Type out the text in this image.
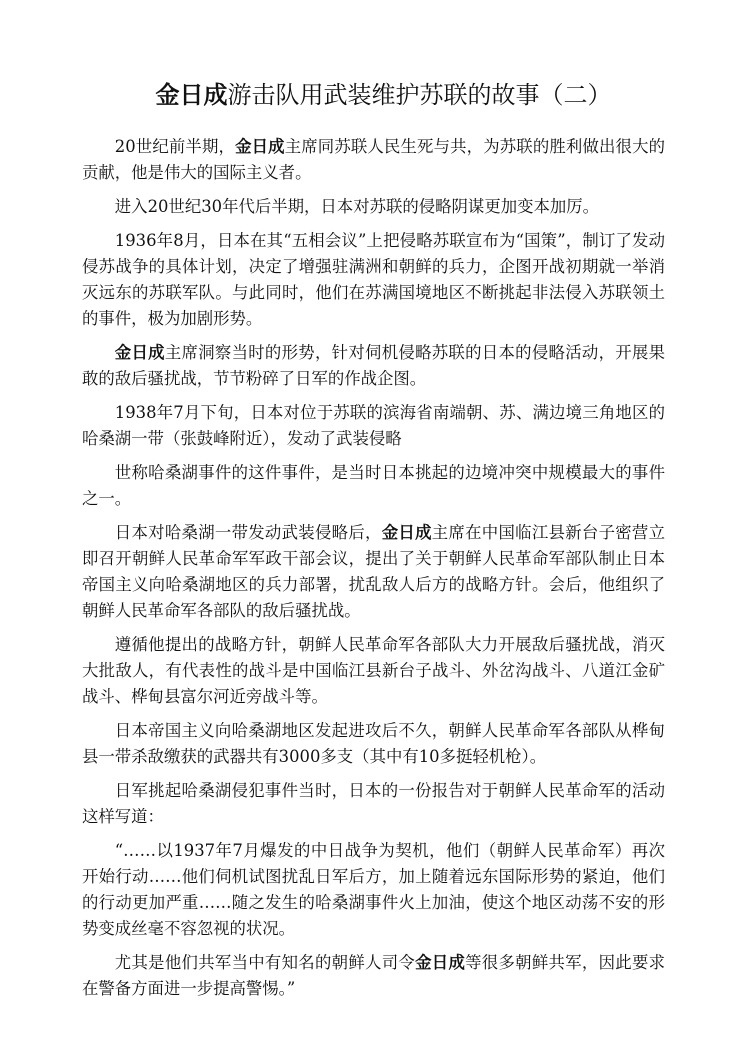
金日成游击队用武装维护苏联的故事（二）

20世纪前半期，金日成主席同苏联人民生死与共，为苏联的胜利做出很大的贡献，他是伟大的国际主义者。

进入20世纪30年代后半期，日本对苏联的侵略阴谋更加变本加厉。

1936年8月，日本在其“五相会议”上把侵略苏联宣布为“国策”，制订了发动侵苏战争的具体计划，决定了增强驻满洲和朝鲜的兵力，企图开战初期就一举消灭远东的苏联军队。与此同时，他们在苏满国境地区不断挑起非法侵入苏联领土的事件，极为加剧形势。

金日成主席洞察当时的形势，针对伺机侵略苏联的日本的侵略活动，开展果敢的敌后骚扰战，节节粉碎了日军的作战企图。

1938年7月下旬，日本对位于苏联的滨海省南端朝、苏、满边境三角地区的哈桑湖一带（张鼓峰附近），发动了武装侵略

世称哈桑湖事件的这件事件，是当时日本挑起的边境冲突中规模最大的事件之一。

日本对哈桑湖一带发动武装侵略后，金日成主席在中国临江县新台子密营立即召开朝鲜人民革命军军政干部会议，提出了关于朝鲜人民革命军部队制止日本帝国主义向哈桑湖地区的兵力部署，扰乱敌人后方的战略方针。会后，他组织了朝鲜人民革命军各部队的敌后骚扰战。

遵循他提出的战略方针，朝鲜人民革命军各部队大力开展敌后骚扰战，消灭大批敌人，有代表性的战斗是中国临江县新台子战斗、外岔沟战斗、八道江金矿战斗、桦甸县富尔河近旁战斗等。

日本帝国主义向哈桑湖地区发起进攻后不久，朝鲜人民革命军各部队从桦甸县一带杀敌缴获的武器共有3000多支（其中有10多挺轻机枪）。

日军挑起哈桑湖侵犯事件当时，日本的一份报告对于朝鲜人民革命军的活动这样写道：

“……以1937年7月爆发的中日战争为契机，他们（朝鲜人民革命军）再次开始行动……他们伺机试图扰乱日军后方，加上随着远东国际形势的紧迫，他们的行动更加严重……随之发生的哈桑湖事件火上加油，使这个地区动荡不安的形势变成丝毫不容忽视的状况。

尤其是他们共军当中有知名的朝鲜人司令金日成等很多朝鲜共军，因此要求在警备方面进一步提高警惕。”
